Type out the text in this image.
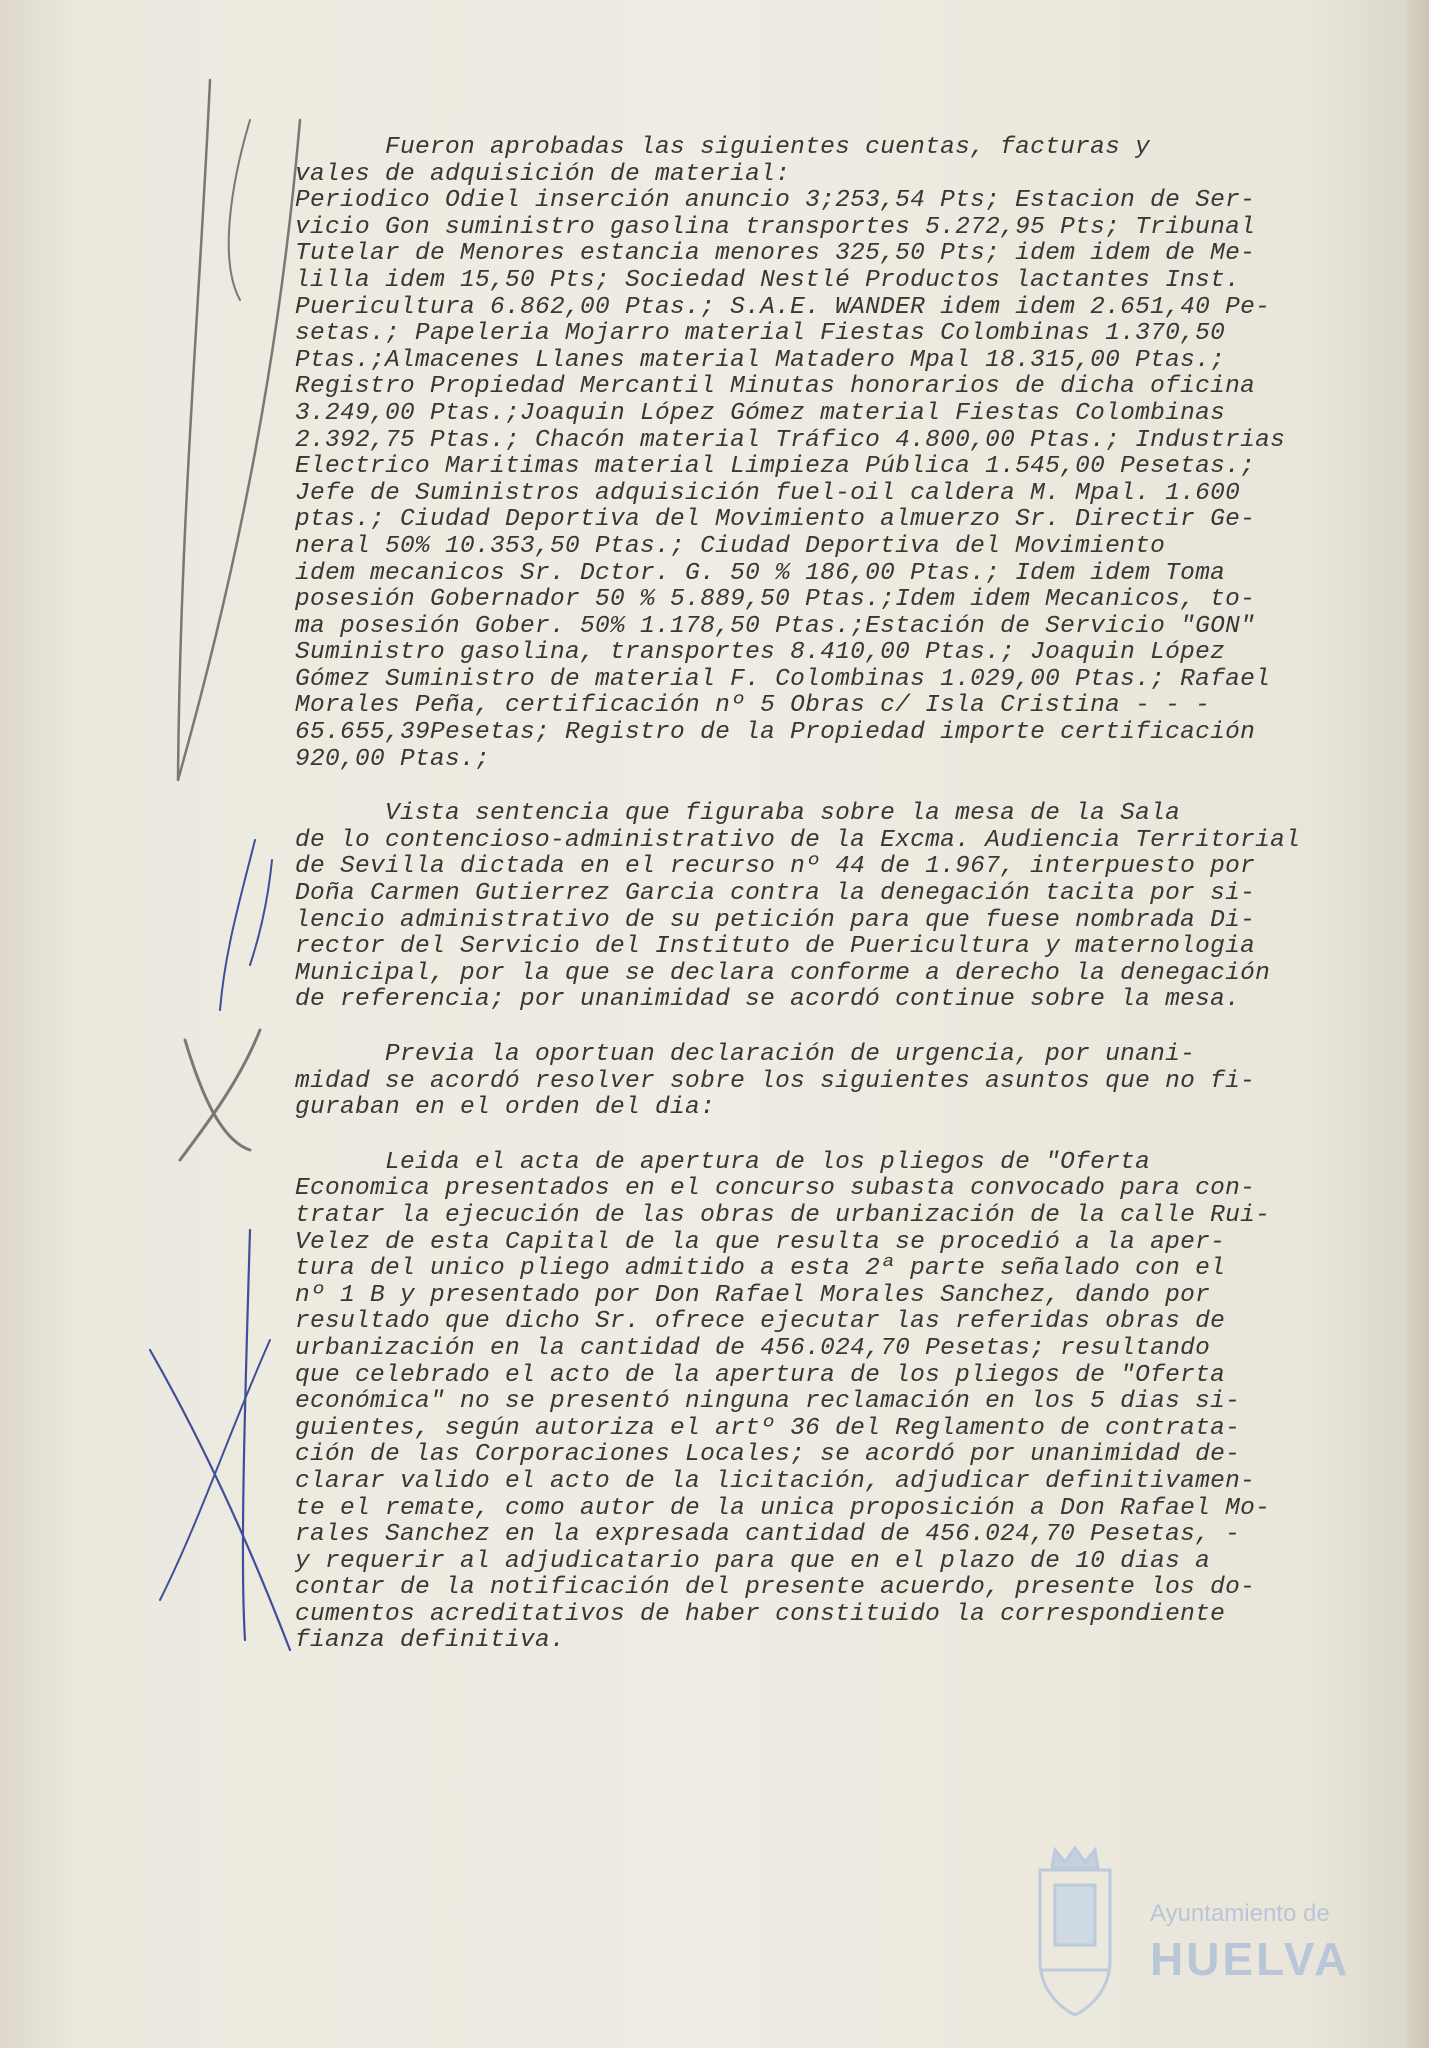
Fueron aprobadas las siguientes cuentas, facturas y
vales de adquisición de material:
Periodico Odiel inserción anuncio 3;253,54 Pts; Estacion de Ser-
vicio Gon suministro gasolina transportes 5.272,95 Pts; Tribunal
Tutelar de Menores estancia menores 325,50 Pts; idem idem de Me-
lilla idem 15,50 Pts; Sociedad Nestlé Productos lactantes Inst.
Puericultura 6.862,00 Ptas.; S.A.E. WANDER idem idem 2.651,40 Pe-
setas.; Papeleria Mojarro material Fiestas Colombinas 1.370,50
Ptas.;Almacenes Llanes material Matadero Mpal 18.315,00 Ptas.;
Registro Propiedad Mercantil Minutas honorarios de dicha oficina
3.249,00 Ptas.;Joaquin López Gómez material Fiestas Colombinas
2.392,75 Ptas.; Chacón material Tráfico 4.800,00 Ptas.; Industrias
Electrico Maritimas material Limpieza Pública 1.545,00 Pesetas.;
Jefe de Suministros adquisición fuel-oil caldera M. Mpal. 1.600
ptas.; Ciudad Deportiva del Movimiento almuerzo Sr. Directir Ge-
neral 50% 10.353,50 Ptas.; Ciudad Deportiva del Movimiento
idem mecanicos Sr. Dctor. G. 50 % 186,00 Ptas.; Idem idem Toma
posesión Gobernador 50 % 5.889,50 Ptas.;Idem idem Mecanicos, to-
ma posesión Gober. 50% 1.178,50 Ptas.;Estación de Servicio "GON"
Suministro gasolina, transportes 8.410,00 Ptas.; Joaquin López
Gómez Suministro de material F. Colombinas 1.029,00 Ptas.; Rafael
Morales Peña, certificación nº 5 Obras c/ Isla Cristina - - -
65.655,39Pesetas; Registro de la Propiedad importe certificación
920,00 Ptas.;
Vista sentencia que figuraba sobre la mesa de la Sala
de lo contencioso-administrativo de la Excma. Audiencia Territorial
de Sevilla dictada en el recurso nº 44 de 1.967, interpuesto por
Doña Carmen Gutierrez Garcia contra la denegación tacita por si-
lencio administrativo de su petición para que fuese nombrada Di-
rector del Servicio del Instituto de Puericultura y maternologia
Municipal, por la que se declara conforme a derecho la denegación
de referencia; por unanimidad se acordó continue sobre la mesa.
Previa la oportuan declaración de urgencia, por unani-
midad se acordó resolver sobre los siguientes asuntos que no fi-
guraban en el orden del dia:
Leida el acta de apertura de los pliegos de "Oferta
Economica presentados en el concurso subasta convocado para con-
tratar la ejecución de las obras de urbanización de la calle Rui-
Velez de esta Capital de la que resulta se procedió a la aper-
tura del unico pliego admitido a esta 2ª parte señalado con el
nº 1 B y presentado por Don Rafael Morales Sanchez, dando por
resultado que dicho Sr. ofrece ejecutar las referidas obras de
urbanización en la cantidad de 456.024,70 Pesetas; resultando
que celebrado el acto de la apertura de los pliegos de "Oferta
económica" no se presentó ninguna reclamación en los 5 dias si-
guientes, según autoriza el artº 36 del Reglamento de contrata-
ción de las Corporaciones Locales; se acordó por unanimidad de-
clarar valido el acto de la licitación, adjudicar definitivamen-
te el remate, como autor de la unica proposición a Don Rafael Mo-
rales Sanchez en la expresada cantidad de 456.024,70 Pesetas, -
y requerir al adjudicatario para que en el plazo de 10 dias a
contar de la notificación del presente acuerdo, presente los do-
cumentos acreditativos de haber constituido la correspondiente
fianza definitiva.
Ayuntamiento de
HUELVA
